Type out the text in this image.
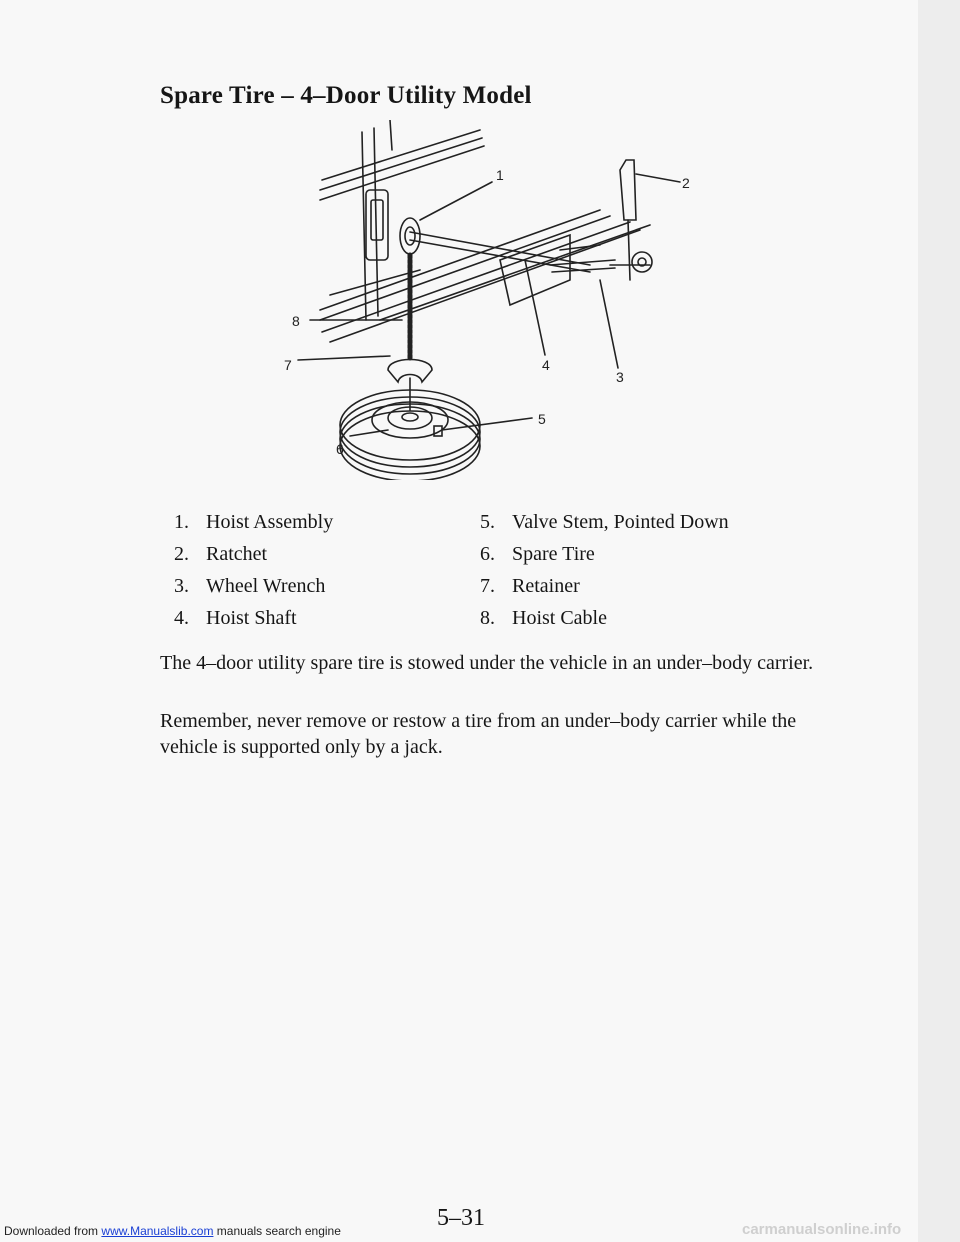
Spare Tire – 4–Door Utility Model
1	2
3
4
5
6
7
8
1. Hoist Assembly
2. Ratchet
3. Wheel Wrench
4. Hoist Shaft
5. Valve Stem, Pointed Down
6. Spare Tire
7. Retainer
8. Hoist Cable

The 4–door utility spare tire is stowed under the vehicle in an under–body carrier.

Remember, never remove or restow a tire from an under–body carrier while the vehicle is supported only by a jack.

5–31
Downloaded from www.Manualslib.com manuals search engine	carmanualsonline.info
